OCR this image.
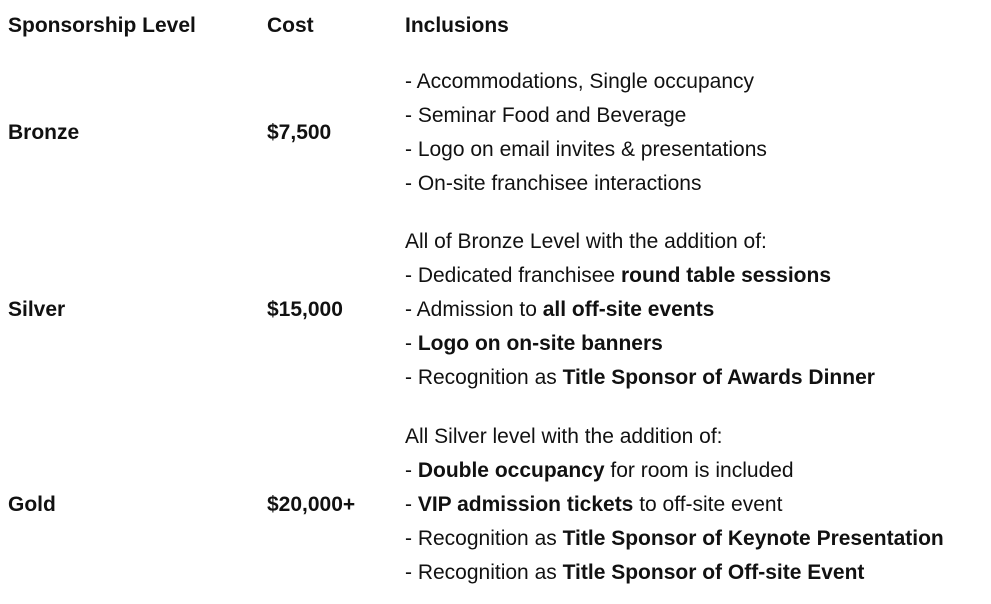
Sponsorship Level	Cost	Inclusions
Bronze	$7,500
- Accommodations, Single occupancy
- Seminar Food and Beverage
- Logo on email invites & presentations
- On-site franchisee interactions
Silver	$15,000
All of Bronze Level with the addition of:
- Dedicated franchisee round table sessions
- Admission to all off-site events
- Logo on on-site banners
- Recognition as Title Sponsor of Awards Dinner
Gold	$20,000+
All Silver level with the addition of:
- Double occupancy for room is included
- VIP admission tickets to off-site event
- Recognition as Title Sponsor of Keynote Presentation
- Recognition as Title Sponsor of Off-site Event
